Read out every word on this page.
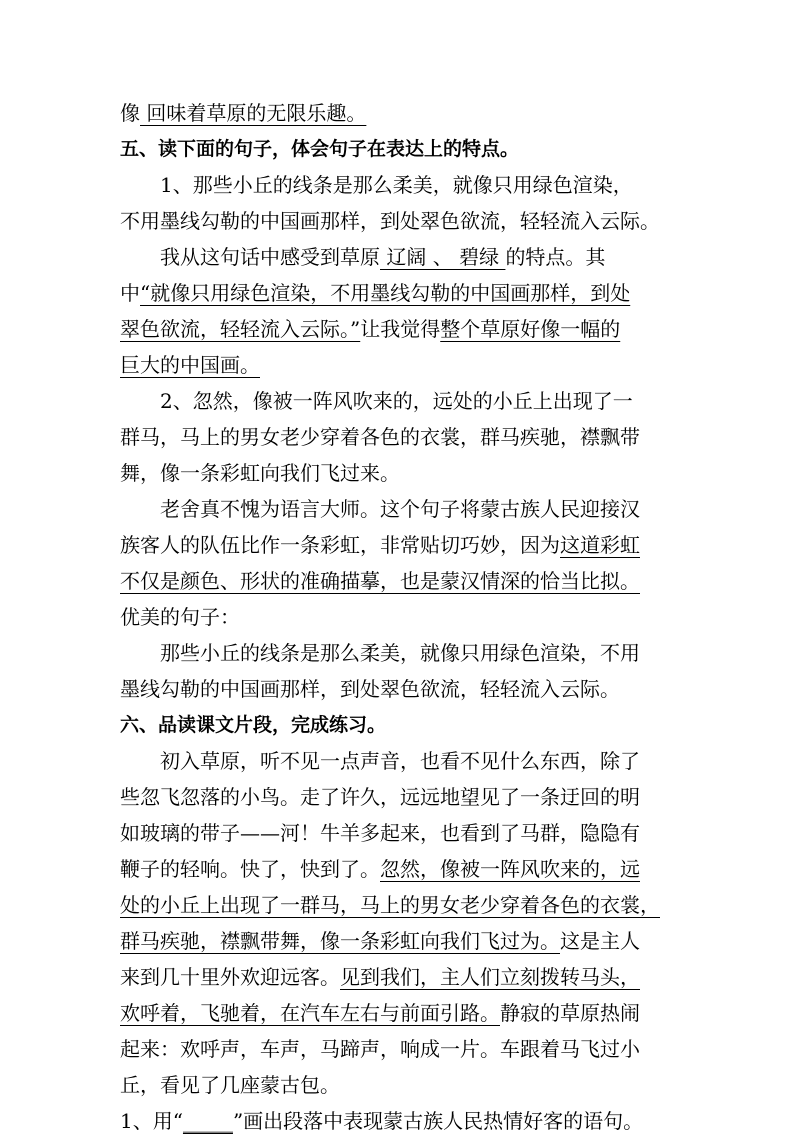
像 回味着草原的无限乐趣。
五、读下面的句子，体会句子在表达上的特点。
1、那些小丘的线条是那么柔美，就像只用绿色渲染，
不用墨线勾勒的中国画那样，到处翠色欲流，轻轻流入云际。
我从这句话中感受到草原 辽阔 、 碧绿 的特点。其
中“就像只用绿色渲染，不用墨线勾勒的中国画那样，到处
翠色欲流，轻轻流入云际。”让我觉得整个草原好像一幅的
巨大的中国画。
2、忽然，像被一阵风吹来的，远处的小丘上出现了一
群马，马上的男女老少穿着各色的衣裳，群马疾驰，襟飘带
舞，像一条彩虹向我们飞过来。
老舍真不愧为语言大师。这个句子将蒙古族人民迎接汉
族客人的队伍比作一条彩虹，非常贴切巧妙，因为这道彩虹
不仅是颜色、形状的准确描摹，也是蒙汉情深的恰当比拟。
优美的句子：
那些小丘的线条是那么柔美，就像只用绿色渲染，不用
墨线勾勒的中国画那样，到处翠色欲流，轻轻流入云际。
六、品读课文片段，完成练习。
初入草原，听不见一点声音，也看不见什么东西，除了
些忽飞忽落的小鸟。走了许久，远远地望见了一条迂回的明
如玻璃的带子——河！牛羊多起来，也看到了马群，隐隐有
鞭子的轻响。快了，快到了。忽然，像被一阵风吹来的，远
处的小丘上出现了一群马，马上的男女老少穿着各色的衣裳，
群马疾驰，襟飘带舞，像一条彩虹向我们飞过为。这是主人
来到几十里外欢迎远客。见到我们，主人们立刻拨转马头，
欢呼着，飞驰着，在汽车左右与前面引路。静寂的草原热闹
起来：欢呼声，车声，马蹄声，响成一片。车跟着马飞过小
丘，看见了几座蒙古包。
1、用“_____”画出段落中表现蒙古族人民热情好客的语句。
